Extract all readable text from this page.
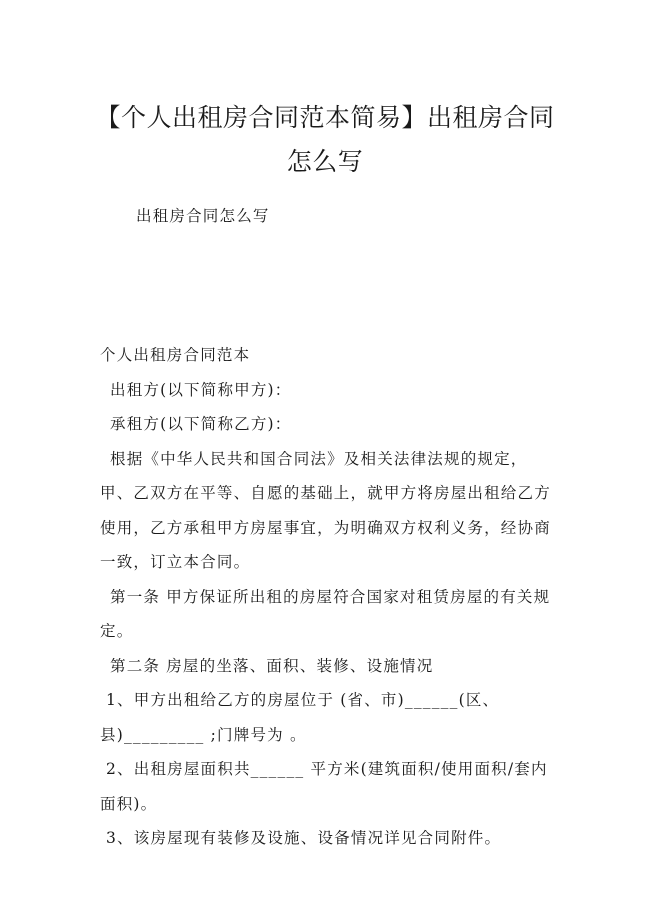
【个人出租房合同范本简易】出租房合同怎么写
出租房合同怎么写

个人出租房合同范本

出租方(以下简称甲方)：

承租方(以下简称乙方)：

根据《中华人民共和国合同法》及相关法律法规的规定，甲、乙双方在平等、自愿的基础上，就甲方将房屋出租给乙方使用，乙方承租甲方房屋事宜，为明确双方权利义务，经协商一致，订立本合同。

第一条 甲方保证所出租的房屋符合国家对租赁房屋的有关规定。

第二条 房屋的坐落、面积、装修、设施情况

1、甲方出租给乙方的房屋位于 (省、市)______(区、县)_________ ;门牌号为 。

2、出租房屋面积共______ 平方米(建筑面积/使用面积/套内面积)。

3、该房屋现有装修及设施、设备情况详见合同附件。
